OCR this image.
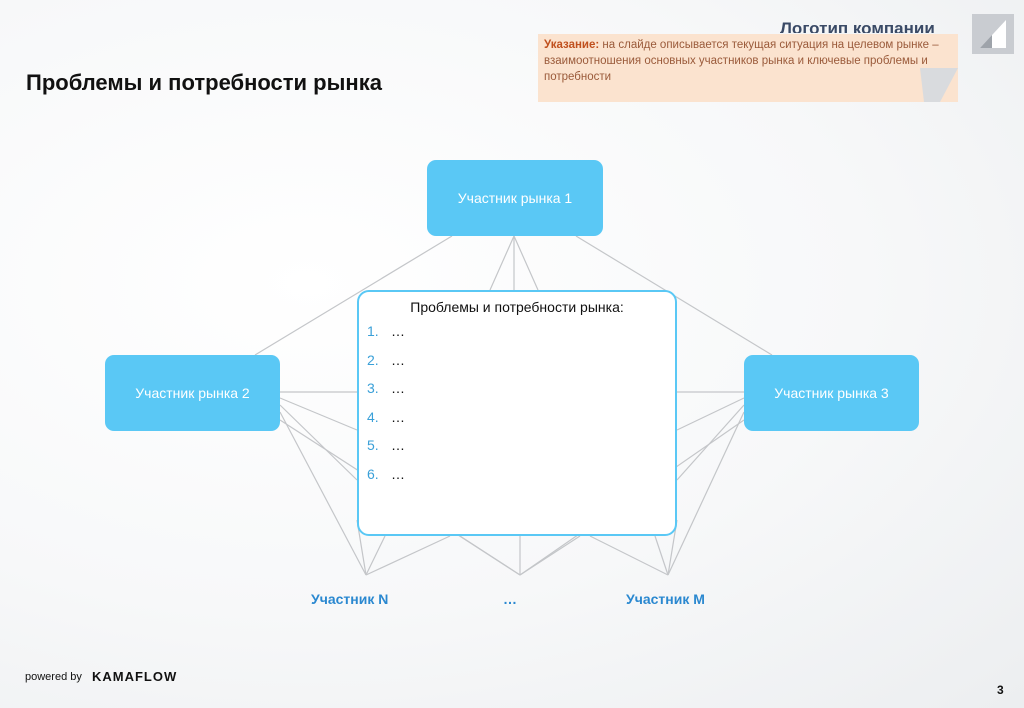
Логотип компании
Проблемы и потребности рынка
Указание: на слайде описывается текущая ситуация на целевом рынке – взаимоотношения основных участников рынка и ключевые проблемы и потребности
Участник рынка 1
Участник рынка 2	Участник рынка 3
Проблемы и потребности рынка:
1. …
2. …
3. …
4. …
5. …
6. …
Участник N	…	Участник M
powered by KAMAFLOW
3
